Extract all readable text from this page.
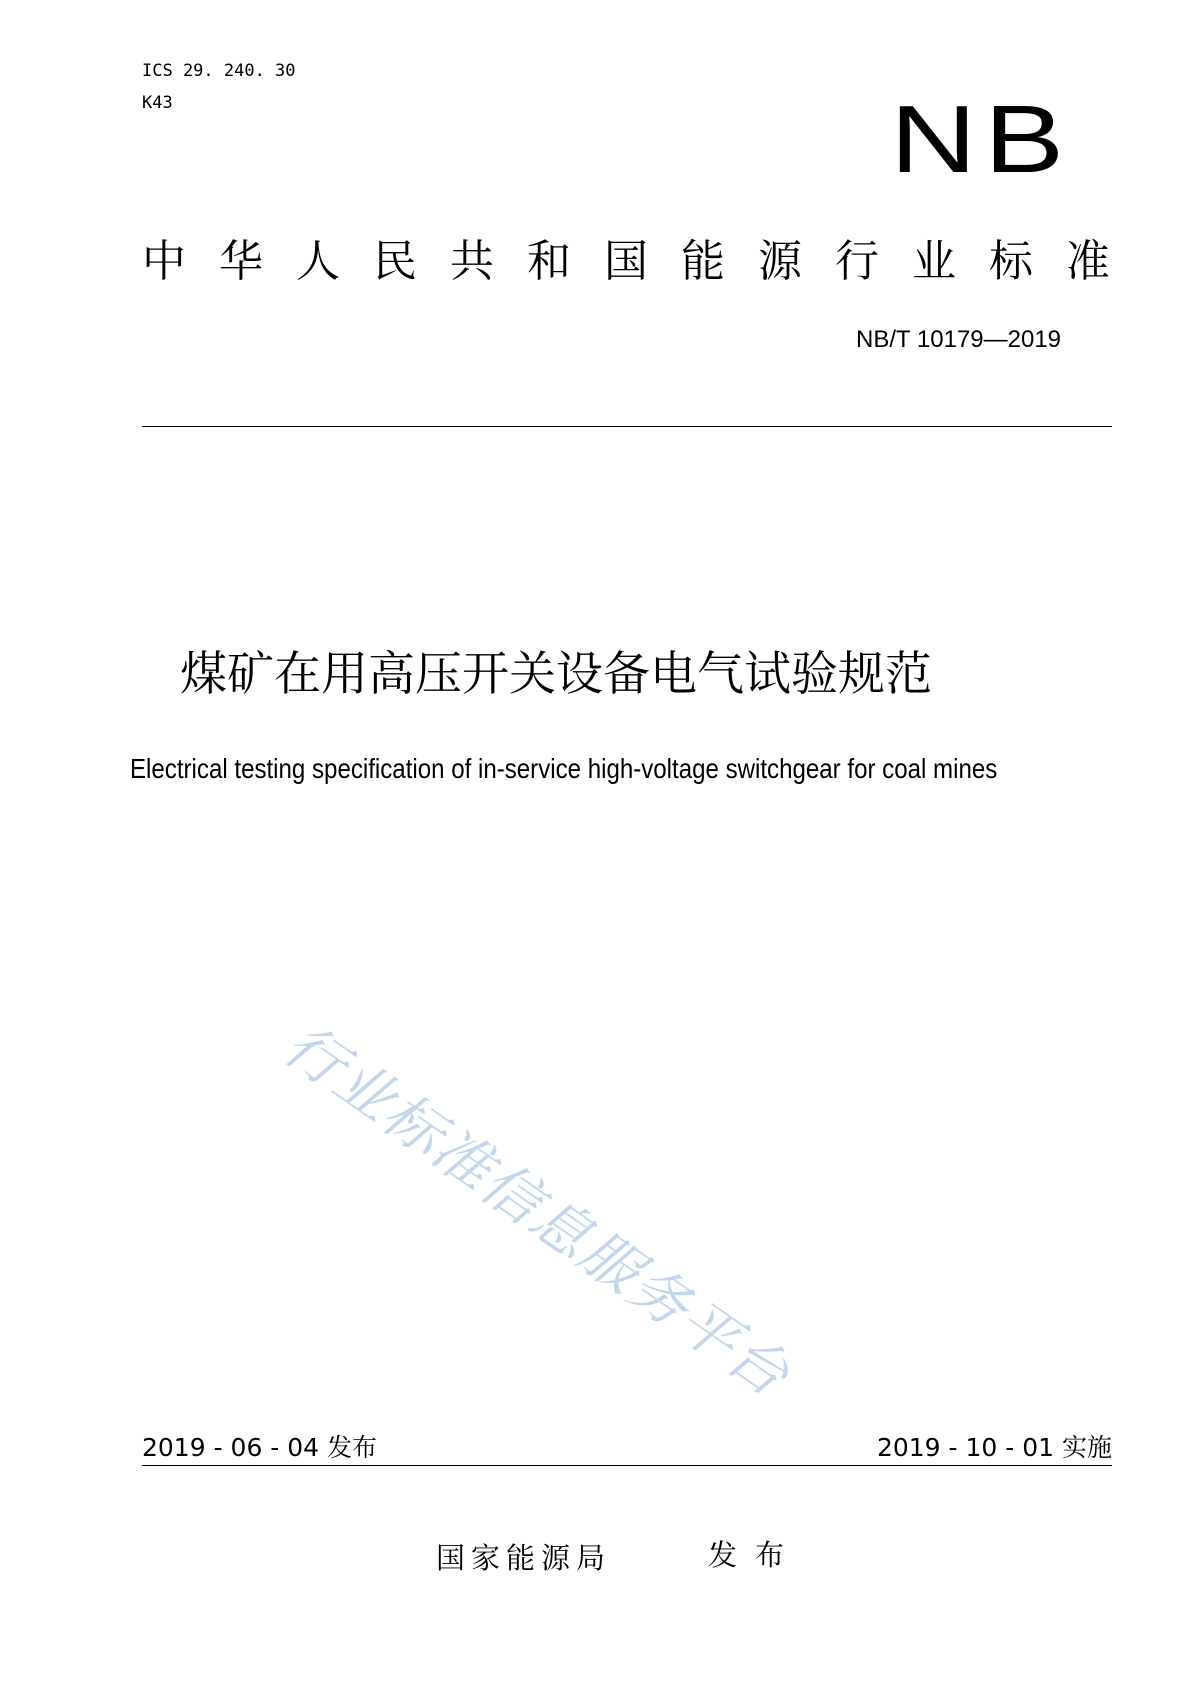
ICS 29. 240. 30
K43	NB
中华人民共和国能源行业标准
NB/T 10179—2019
煤矿在用高压开关设备电气试验规范
Electrical testing specification of in-service high-voltage switchgear for coal mines
行业标准信息服务平台
2019 - 06 - 04 发布	2019 - 10 - 01 实施
国家能源局	发布
